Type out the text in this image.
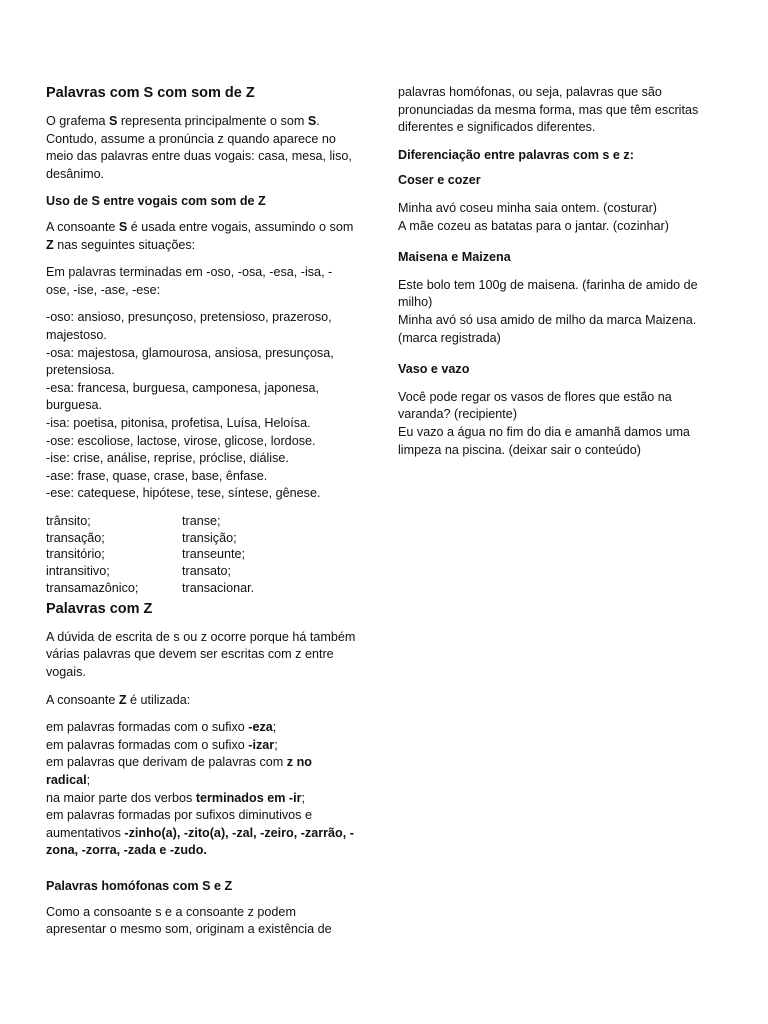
Palavras com S com som de Z

O grafema S representa principalmente o som S. Contudo, assume a pronúncia z quando aparece no meio das palavras entre duas vogais: casa, mesa, liso, desânimo.

Uso de S entre vogais com som de Z

A consoante S é usada entre vogais, assumindo o som Z nas seguintes situações:

Em palavras terminadas em -oso, -osa, -esa, -isa, -ose, -ise, -ase, -ese:

-oso: ansioso, presunçoso, pretensioso, prazeroso, majestoso.
-osa: majestosa, glamourosa, ansiosa, presunçosa, pretensiosa.
-esa: francesa, burguesa, camponesa, japonesa, burguesa.
-isa: poetisa, pitonisa, profetisa, Luísa, Heloísa.
-ose: escoliose, lactose, virose, glicose, lordose.
-ise: crise, análise, reprise, próclise, diálise.
-ase: frase, quase, crase, base, ênfase.
-ese: catequese, hipótese, tese, síntese, gênese.
trânsito;	transe;
transação;	transição;
transitório;	transeunte;
intransitivo;	transato;
transamazônico;	transacionar.
Palavras com Z

A dúvida de escrita de s ou z ocorre porque há também várias palavras que devem ser escritas com z entre vogais.

A consoante Z é utilizada:

em palavras formadas com o sufixo -eza;
em palavras formadas com o sufixo -izar;
em palavras que derivam de palavras com z no radical;
na maior parte dos verbos terminados em -ir;
em palavras formadas por sufixos diminutivos e aumentativos -zinho(a), -zito(a), -zal, -zeiro, -zarrão, -zona, -zorra, -zada e -zudo.
Palavras homófonas com S e Z

Como a consoante s e a consoante z podem apresentar o mesmo som, originam a existência de

palavras homófonas, ou seja, palavras que são pronunciadas da mesma forma, mas que têm escritas diferentes e significados diferentes.

Diferenciação entre palavras com s e z:
Coser e cozer
Minha avó coseu minha saia ontem. (costurar)
A mãe cozeu as batatas para o jantar. (cozinhar)
Maisena e Maizena
Este bolo tem 100g de maisena. (farinha de amido de milho)
Minha avó só usa amido de milho da marca Maizena. (marca registrada)
Vaso e vazo
Você pode regar os vasos de flores que estão na varanda? (recipiente)
Eu vazo a água no fim do dia e amanhã damos uma limpeza na piscina. (deixar sair o conteúdo)
